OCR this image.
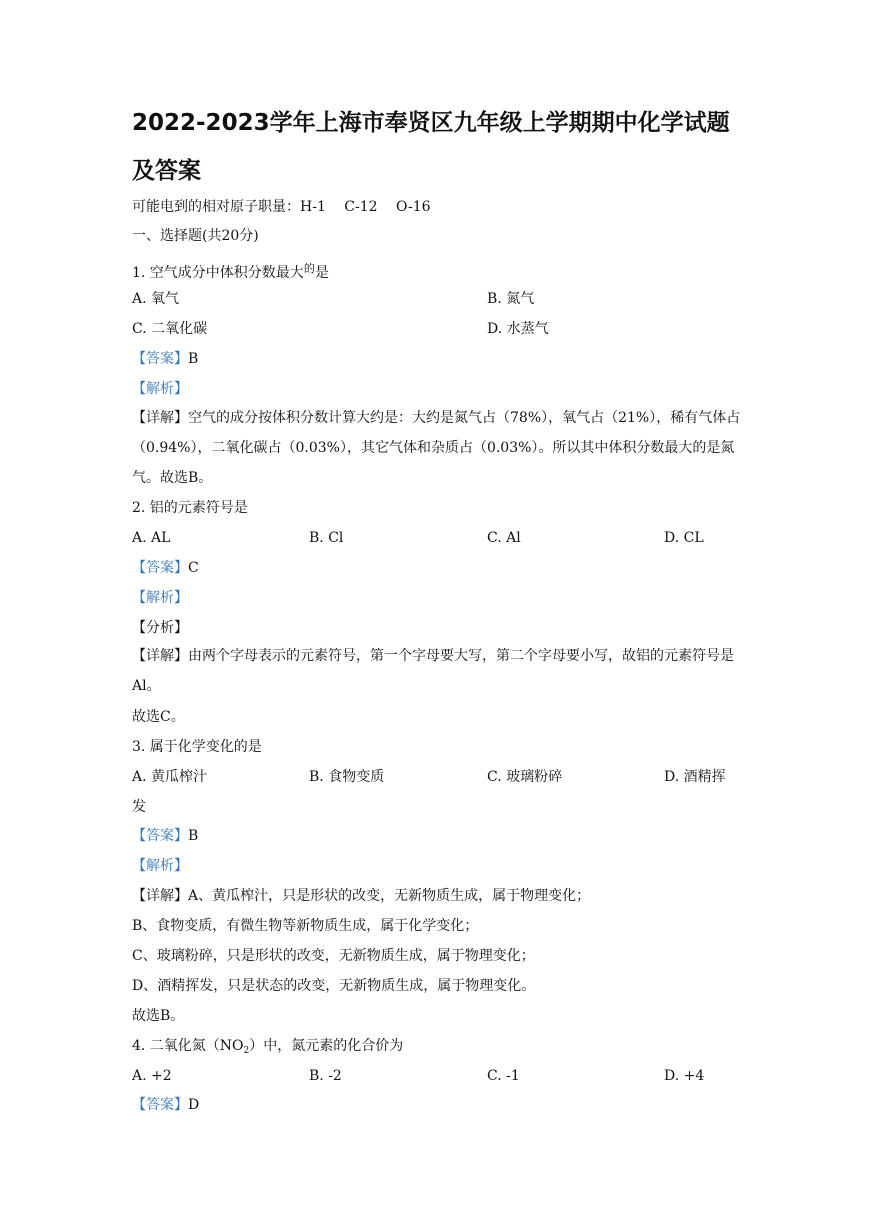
2022-2023学年上海市奉贤区九年级上学期期中化学试题及答案
可能电到的相对原子职量：H-1　 C-12　 O-16
一、选择题(共20分)
1. 空气成分中体积分数最大$^的$是
A. 氧气	B. 氮气
C. 二氧化碳	D. 水蒸气
【答案】B
【解析】
【详解】空气的成分按体积分数计算大约是：大约是氮气占（78%），氧气占（21%），稀有气体占（0.94%），二氧化碳占（0.03%），其它气体和杂质占（0.03%）。所以其中体积分数最大的是氮气。故选B。
2. 铝的元素符号是
A. AL	B. Cl	C. Al	D. CL
【答案】C
【解析】
【分析】
【详解】由两个字母表示的元素符号，第一个字母要大写，第二个字母要小写，故铝的元素符号是Al。
故选C。
3. 属于化学变化的是
A. 黄瓜榨汁	B. 食物变质	C. 玻璃粉碎	D. 酒精挥
发
【答案】B
【解析】
【详解】A、黄瓜榨汁，只是形状的改变，无新物质生成，属于物理变化；
B、食物变质，有微生物等新物质生成，属于化学变化；
C、玻璃粉碎，只是形状的改变，无新物质生成，属于物理变化；
D、酒精挥发，只是状态的改变，无新物质生成，属于物理变化。
故选B。
4. 二氧化氮$(NO_2)$中，氮元素的化合价为
A. +2	B. -2	C. -1	D. +4
【答案】D
